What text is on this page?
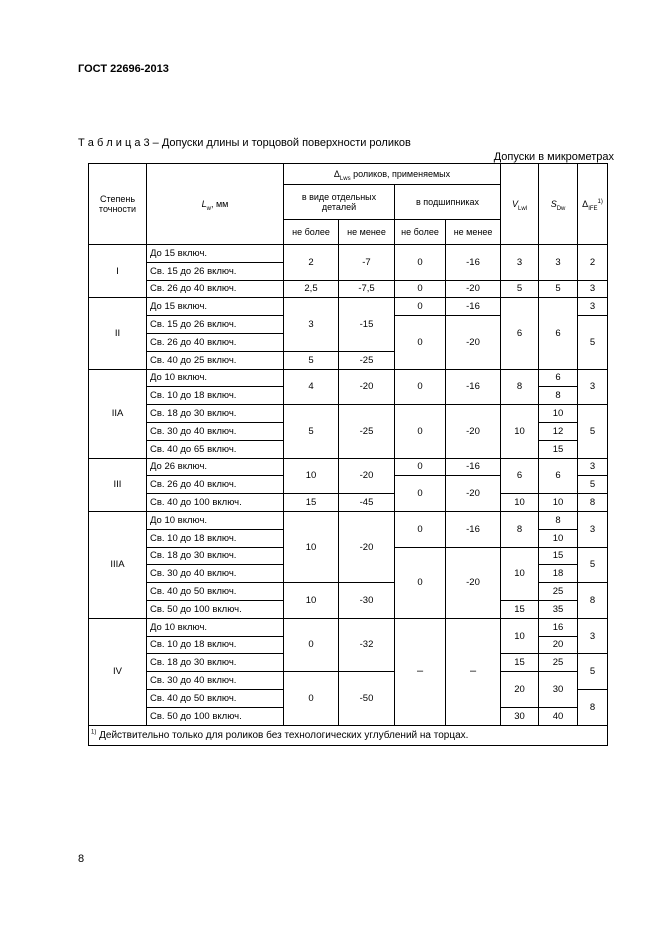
ГОСТ 22696-2013
Т а б л и ц а 3 – Допуски длины и торцовой поверхности роликов
Допуски в микрометрах
Степень точности	$L_w$, мм	$\Delta_{Lws}$ роликов, применяемых				$V_{Lwl}$	$S_{Dw}$	$\Delta_{IFE}^{1)}$
		в виде отдельных деталей		в подшипниках				
		не более	не менее	не более	не менее			
I	До 15 включ.	2	-7	0	-16	3	3	2
	Св. 15 до 26 включ.							
	Св. 26 до 40 включ.	2,5	-7,5	0	-20	5	5	3
II	До 15 включ.	3	-15	0	-16	6	6	3
	Св. 15 до 26 включ.			0	-20			5
	Св. 26 до 40 включ.							
	Св. 40 до 25 включ.	5	-25					
IIA	До 10 включ.	4	-20	0	-16	8	6	3
	Св. 10 до 18 включ.						8	
	Св. 18 до 30 включ.	5	-25	0	-20	10	10	5
	Св. 30 до 40 включ.						12	
	Св. 40 до 65 включ.						15	
III	До 26 включ.	10	-20	0	-16	6	6	3
	Св. 26 до 40 включ.			0	-20			5
	Св. 40 до 100 включ.	15	-45			10	10	8
IIIA	До 10 включ.	10	-20	0	-16	8	8	3
	Св. 10 до 18 включ.						10	
	Св. 18 до 30 включ.			0	-20	10	15	5
	Св. 30 до 40 включ.						18	
	Св. 40 до 50 включ.	10	-30				25	8
	Св. 50 до 100 включ.					15	35	
IV	До 10 включ.	0	-32	–	–	10	16	3
	Св. 10 до 18 включ.						20	
	Св. 18 до 30 включ.					15	25	5
	Св. 30 до 40 включ.	0	-50			20	30	
	Св. 40 до 50 включ.							8
	Св. 50 до 100 включ.					30	40	
$^{1)}$ Действительно только для роликов без технологических углублений на торцах.								
8
